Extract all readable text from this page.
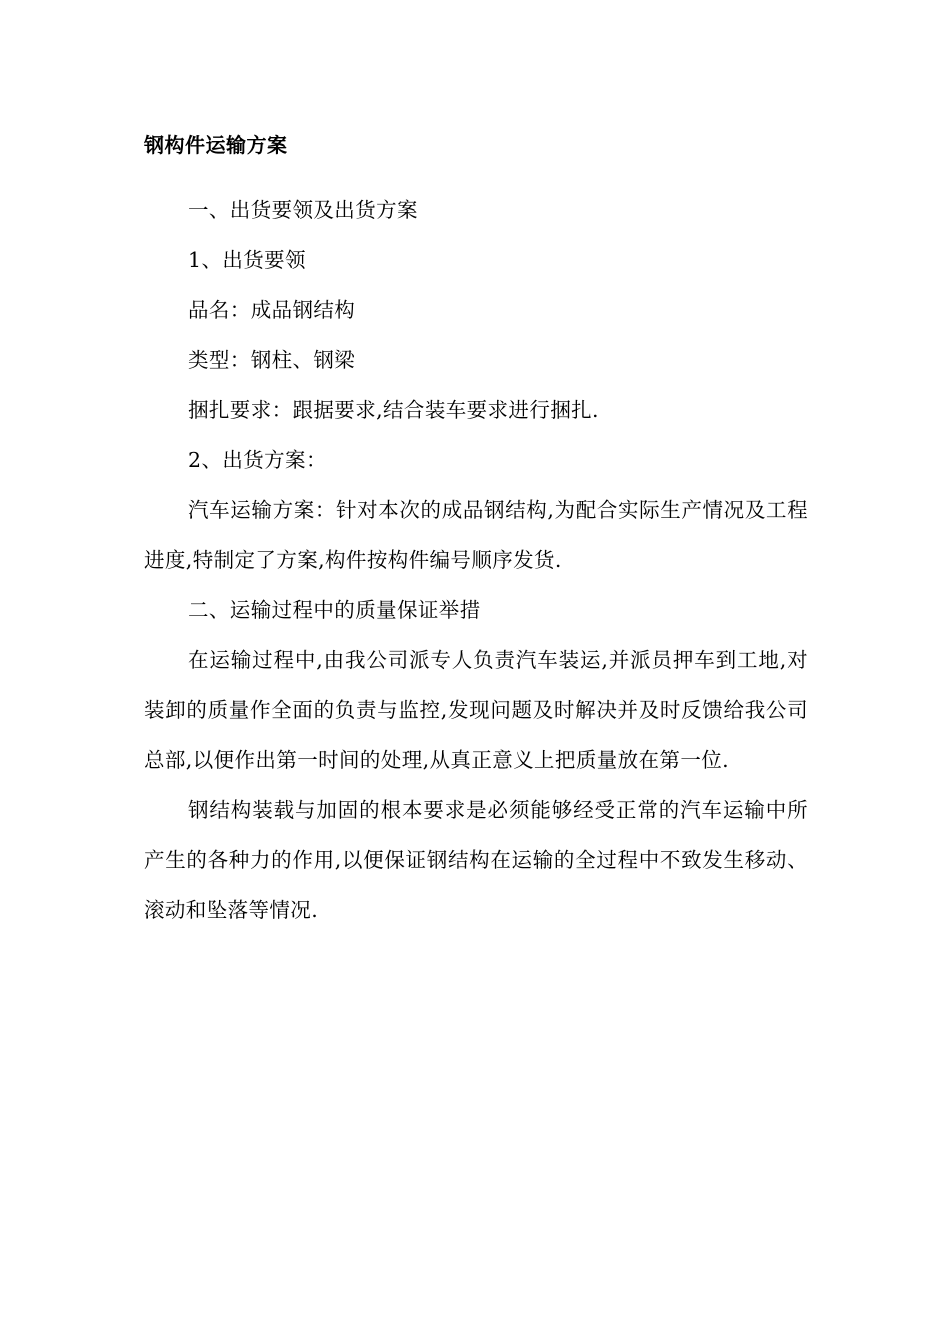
钢构件运输方案

一、出货要领及出货方案

1、出货要领

品名：成品钢结构

类型：钢柱、钢梁

捆扎要求：跟据要求,结合装车要求进行捆扎.

2、出货方案：

汽车运输方案：针对本次的成品钢结构,为配合实际生产情况及工程进度,特制定了方案,构件按构件编号顺序发货.

二、运输过程中的质量保证举措

在运输过程中,由我公司派专人负责汽车装运,并派员押车到工地,对装卸的质量作全面的负责与监控,发现问题及时解决并及时反馈给我公司总部,以便作出第一时间的处理,从真正意义上把质量放在第一位.

钢结构装载与加固的根本要求是必须能够经受正常的汽车运输中所产生的各种力的作用,以便保证钢结构在运输的全过程中不致发生移动、滚动和坠落等情况.
